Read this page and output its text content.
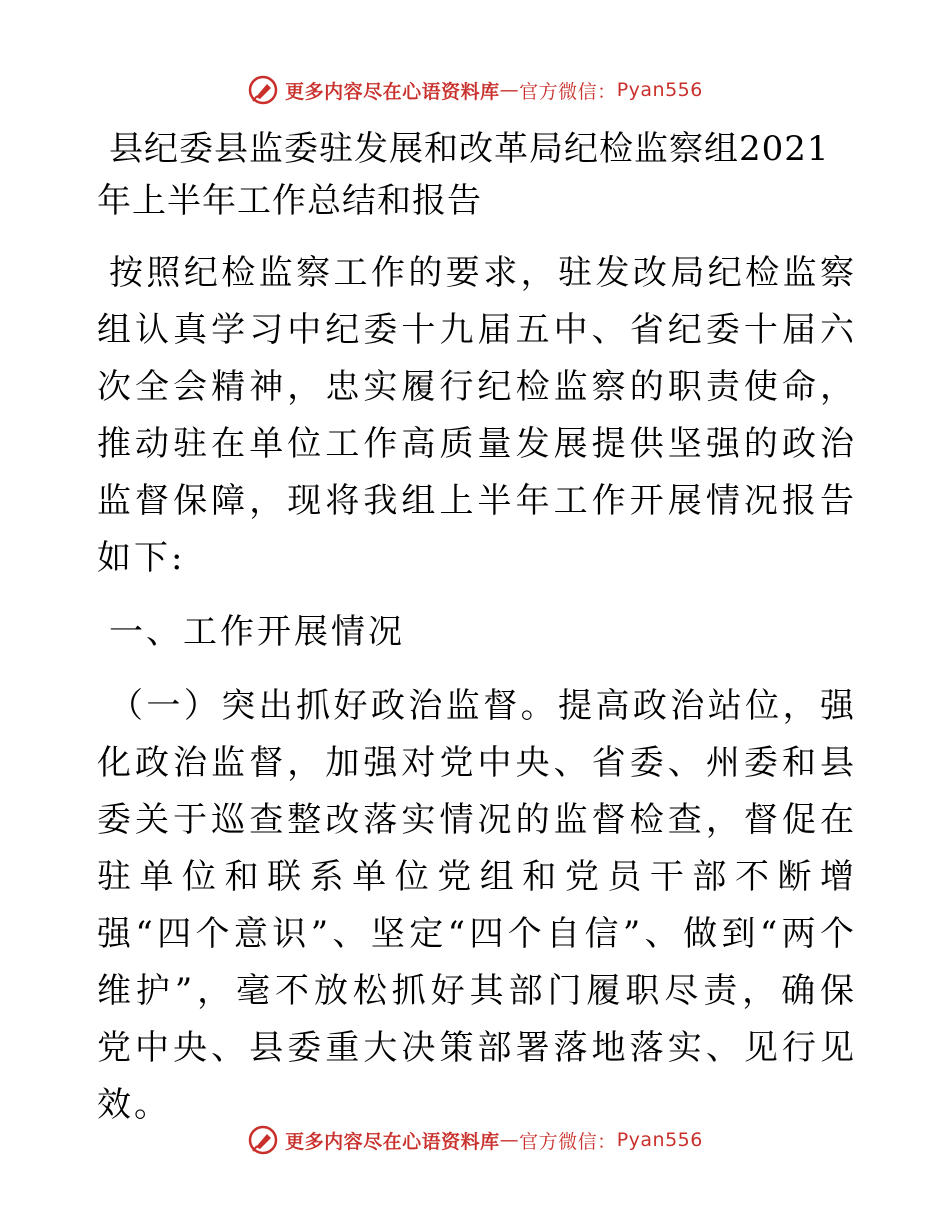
更多内容尽在心语资料库 — 官方微信： Pyan556
县纪委县监委驻发展和改革局纪检监察组2021年上半年工作总结和报告

按照纪检监察工作的要求，驻发改局纪检监察组认真学习中纪委十九届五中、省纪委十届六次全会精神，忠实履行纪检监察的职责使命，推动驻在单位工作高质量发展提供坚强的政治监督保障，现将我组上半年工作开展情况报告如下:

一、工作开展情况

（一）突出抓好政治监督。提高政治站位，强化政治监督，加强对党中央、省委、州委和县委关于巡查整改落实情况的监督检查，督促在驻单位和联系单位党组和党员干部不断增强“四个意识”、坚定“四个自信”、做到“两个维护”，毫不放松抓好其部门履职尽责，确保党中央、县委重大决策部署落地落实、见行见效。

更多内容尽在心语资料库 — 官方微信： Pyan556
